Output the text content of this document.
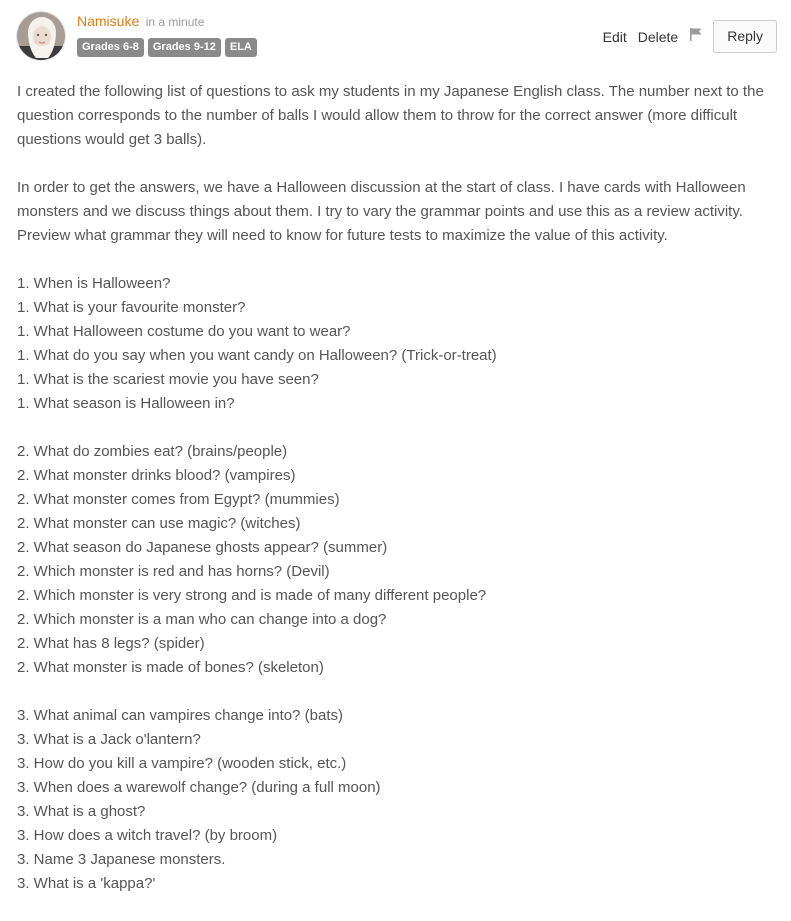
Namisuke in a minute
Grades 6-8	Grades 9-12	ELA
Edit Delete	Reply

I created the following list of questions to ask my students in my Japanese English class. The number next to the question corresponds to the number of balls I would allow them to throw for the correct answer (more difficult questions would get 3 balls).

In order to get the answers, we have a Halloween discussion at the start of class. I have cards with Halloween monsters and we discuss things about them. I try to vary the grammar points and use this as a review activity. Preview what grammar they will need to know for future tests to maximize the value of this activity.

1. When is Halloween?
1. What is your favourite monster?
1. What Halloween costume do you want to wear?
1. What do you say when you want candy on Halloween? (Trick-or-treat)
1. What is the scariest movie you have seen?
1. What season is Halloween in?
2. What do zombies eat? (brains/people)
2. What monster drinks blood? (vampires)
2. What monster comes from Egypt? (mummies)
2. What monster can use magic? (witches)
2. What season do Japanese ghosts appear? (summer)
2. Which monster is red and has horns? (Devil)
2. Which monster is very strong and is made of many different people?
2. Which monster is a man who can change into a dog?
2. What has 8 legs? (spider)
2. What monster is made of bones? (skeleton)
3. What animal can vampires change into? (bats)
3. What is a Jack o'lantern?
3. How do you kill a vampire? (wooden stick, etc.)
3. When does a warewolf change? (during a full moon)
3. What is a ghost?
3. How does a witch travel? (by broom)
3. Name 3 Japanese monsters.
3. What is a 'kappa?'
